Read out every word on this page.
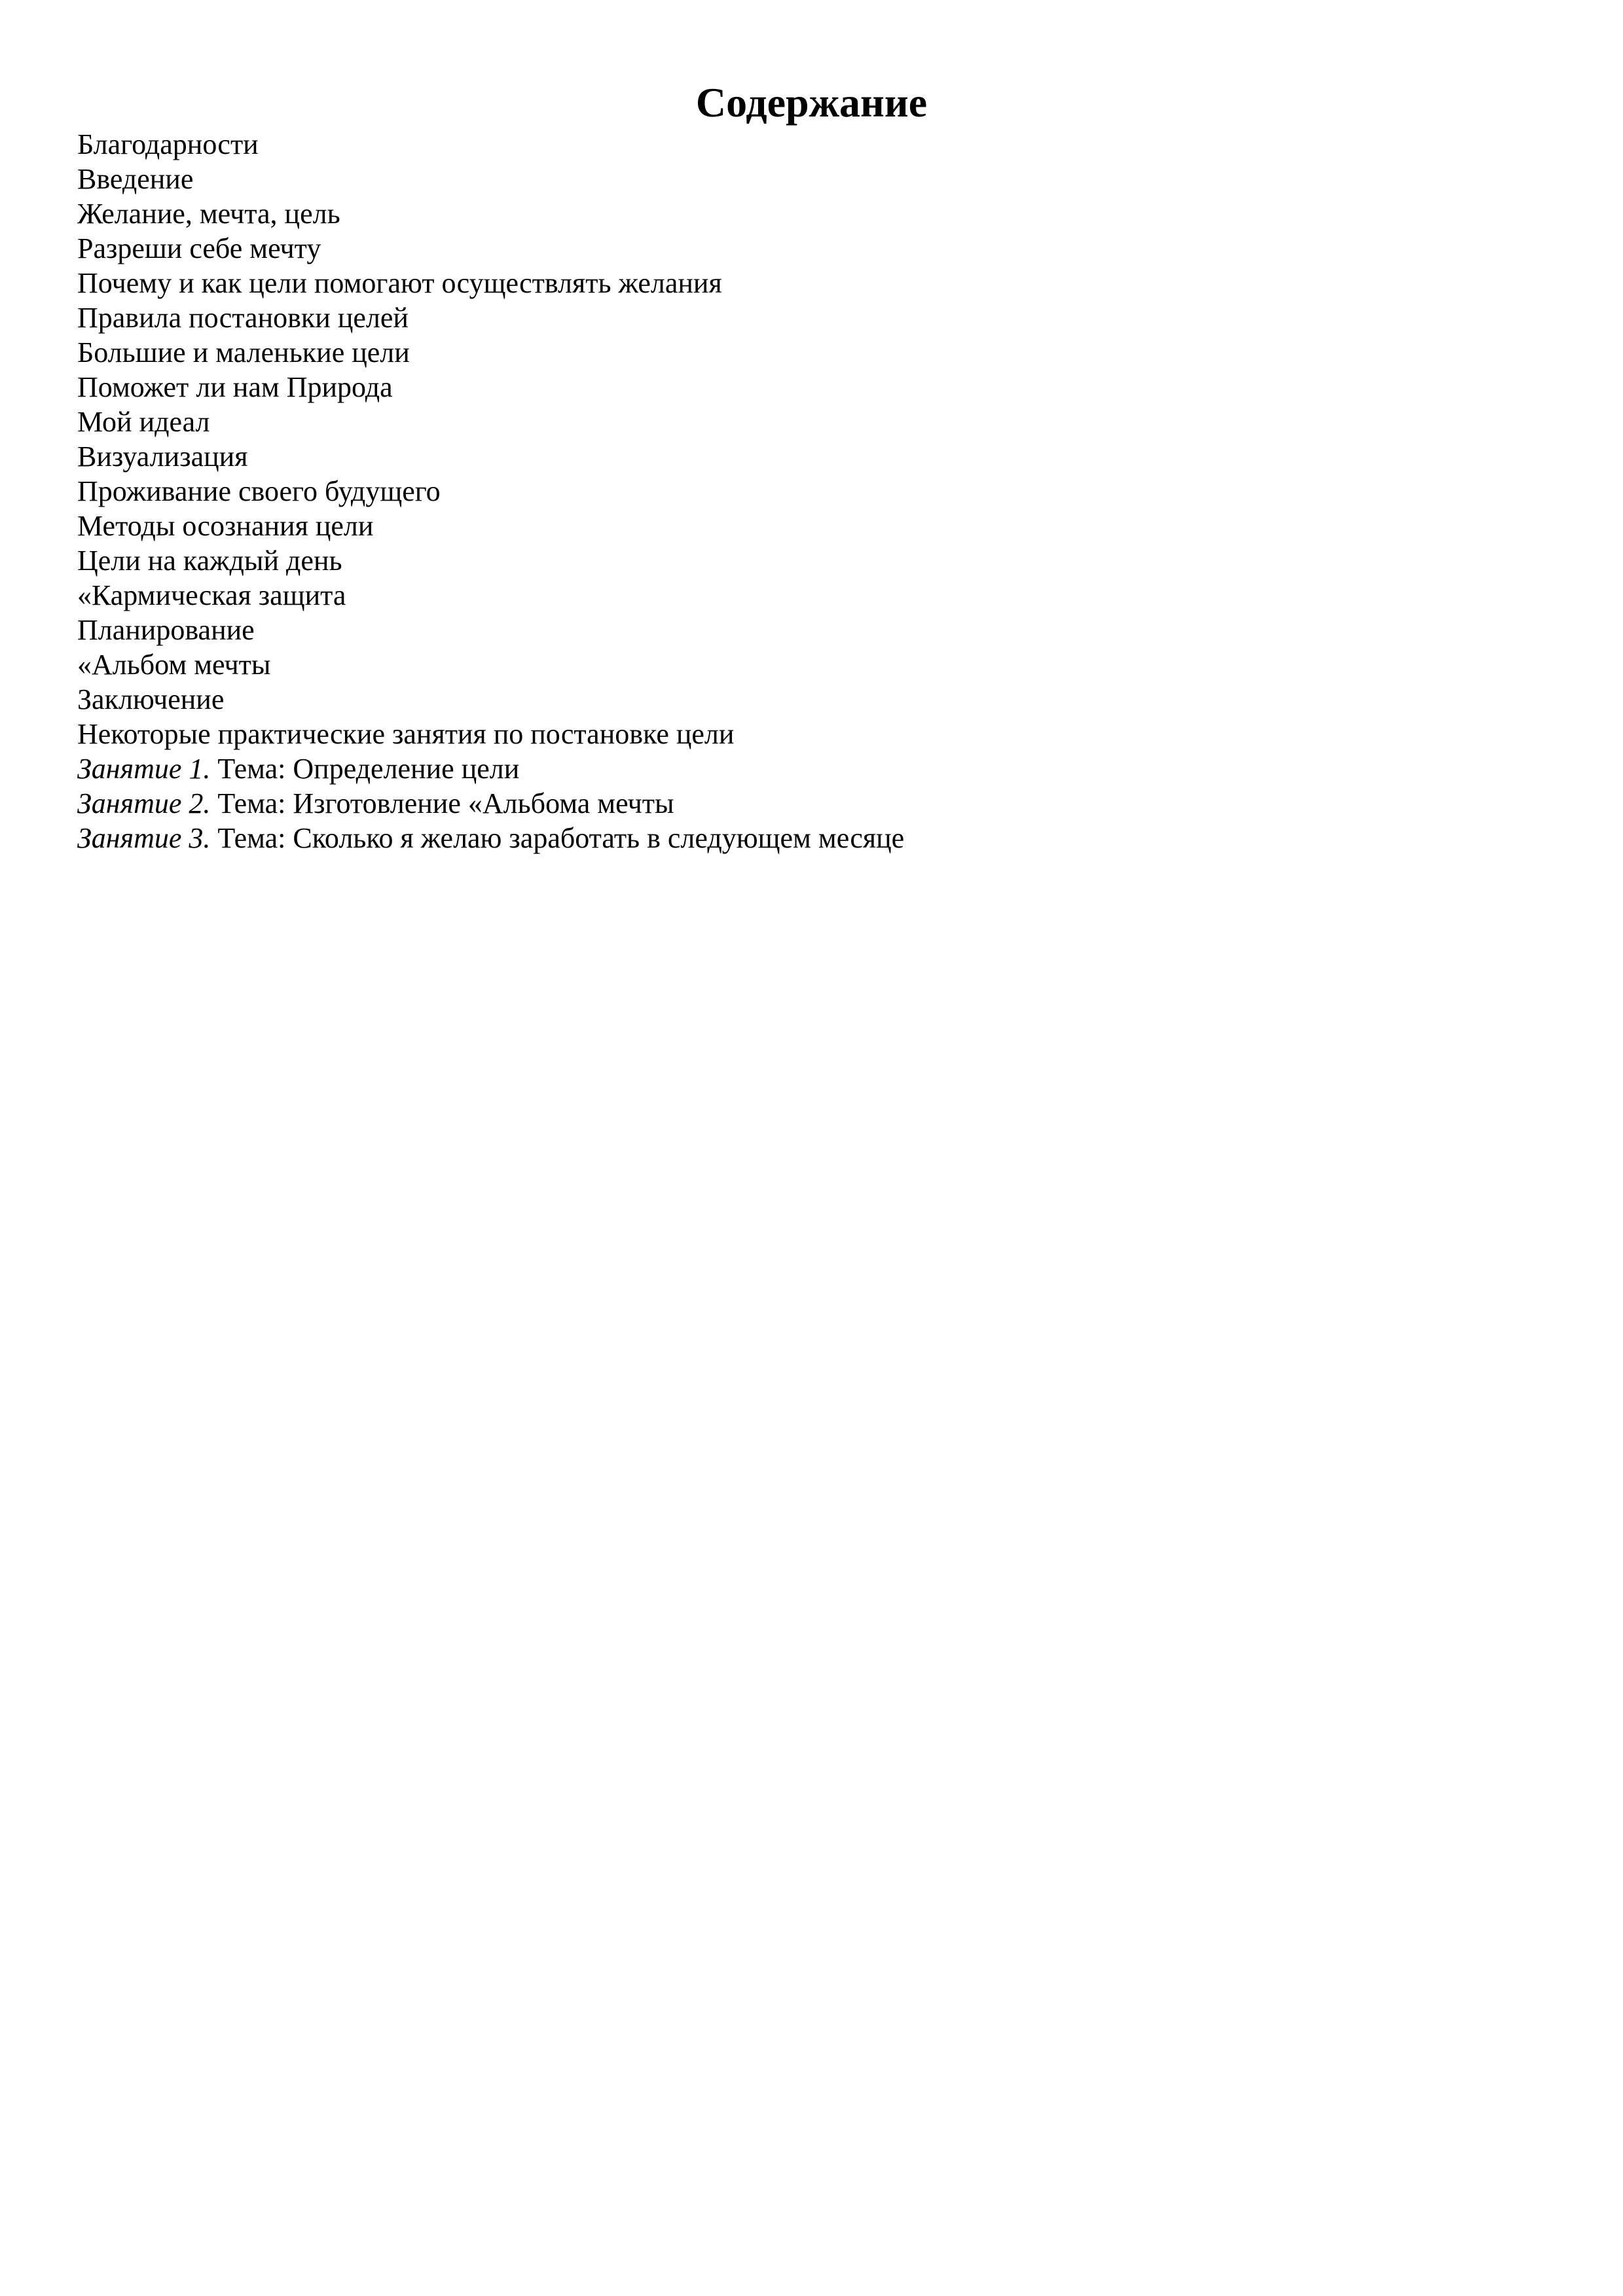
Содержание
Благодарности
Введение
Желание, мечта, цель
Разреши себе мечту
Почему и как цели помогают осуществлять желания
Правила постановки целей
Большие и маленькие цели
Поможет ли нам Природа
Мой идеал
Визуализация
Проживание своего будущего
Методы осознания цели
Цели на каждый день
«Кармическая защита
Планирование
«Альбом мечты
Заключение
Некоторые практические занятия по постановке цели
Занятие 1. Тема: Определение цели
Занятие 2. Тема: Изготовление «Альбома мечты
Занятие 3. Тема: Сколько я желаю заработать в следующем месяце
